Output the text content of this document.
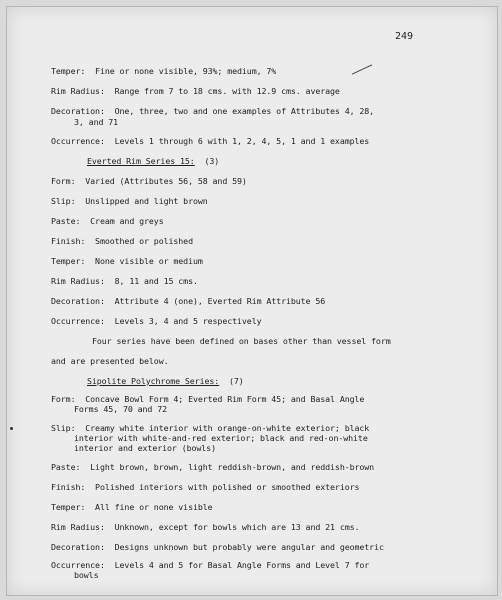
249
Temper:  Fine or none visible, 93%; medium, 7%
Rim Radius:  Range from 7 to 18 cms. with 12.9 cms. average
Decoration:  One, three, two and one examples of Attributes 4, 28,
3, and 71
Occurrence:  Levels 1 through 6 with 1, 2, 4, 5, 1 and 1 examples
Everted Rim Series 15: (3)
Form:  Varied (Attributes 56, 58 and 59)
Slip:  Unslipped and light brown
Paste:  Cream and greys
Finish:  Smoothed or polished
Temper:  None visible or medium
Rim Radius:  8, 11 and 15 cms.
Decoration:  Attribute 4 (one), Everted Rim Attribute 56
Occurrence:  Levels 3, 4 and 5 respectively
Four series have been defined on bases other than vessel form
and are presented below.
Sipolite Polychrome Series: (7)
Form:  Concave Bowl Form 4; Everted Rim Form 45; and Basal Angle
Forms 45, 70 and 72
Slip:  Creamy white interior with orange-on-white exterior; black
interior with white-and-red exterior; black and red-on-white
interior and exterior (bowls)
Paste:  Light brown, brown, light reddish-brown, and reddish-brown
Finish:  Polished interiors with polished or smoothed exteriors
Temper:  All fine or none visible
Rim Radius:  Unknown, except for bowls which are 13 and 21 cms.
Decoration:  Designs unknown but probably were angular and geometric
Occurrence:  Levels 4 and 5 for Basal Angle Forms and Level 7 for
bowls
